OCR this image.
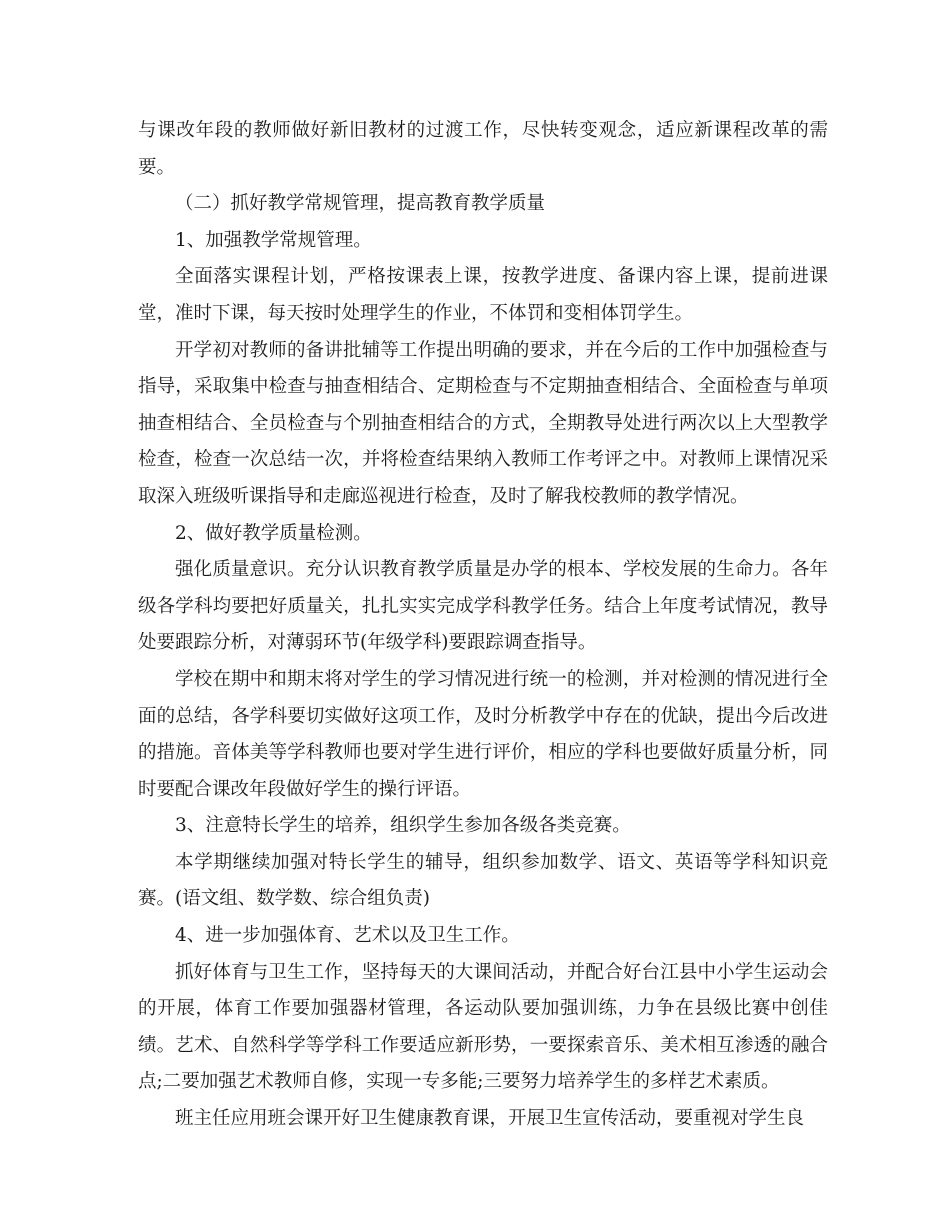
与课改年段的教师做好新旧教材的过渡工作，尽快转变观念，适应新课程改革的需要。

（二）抓好教学常规管理，提高教育教学质量

1、加强教学常规管理。

全面落实课程计划，严格按课表上课，按教学进度、备课内容上课，提前进课堂，准时下课，每天按时处理学生的作业，不体罚和变相体罚学生。

开学初对教师的备讲批辅等工作提出明确的要求，并在今后的工作中加强检查与指导，采取集中检查与抽查相结合、定期检查与不定期抽查相结合、全面检查与单项抽查相结合、全员检查与个别抽查相结合的方式，全期教导处进行两次以上大型教学检查，检查一次总结一次，并将检查结果纳入教师工作考评之中。对教师上课情况采取深入班级听课指导和走廊巡视进行检查，及时了解我校教师的教学情况。

2、做好教学质量检测。

强化质量意识。充分认识教育教学质量是办学的根本、学校发展的生命力。各年级各学科均要把好质量关，扎扎实实完成学科教学任务。结合上年度考试情况，教导处要跟踪分析，对薄弱环节(年级学科)要跟踪调查指导。

学校在期中和期末将对学生的学习情况进行统一的检测，并对检测的情况进行全面的总结，各学科要切实做好这项工作，及时分析教学中存在的优缺，提出今后改进的措施。音体美等学科教师也要对学生进行评价，相应的学科也要做好质量分析，同时要配合课改年段做好学生的操行评语。

3、注意特长学生的培养，组织学生参加各级各类竞赛。

本学期继续加强对特长学生的辅导，组织参加数学、语文、英语等学科知识竞赛。(语文组、数学数、综合组负责)

4、进一步加强体育、艺术以及卫生工作。

抓好体育与卫生工作，坚持每天的大课间活动，并配合好台江县中小学生运动会的开展，体育工作要加强器材管理，各运动队要加强训练，力争在县级比赛中创佳绩。艺术、自然科学等学科工作要适应新形势，一要探索音乐、美术相互渗透的融合点;二要加强艺术教师自修，实现一专多能;三要努力培养学生的多样艺术素质。

班主任应用班会课开好卫生健康教育课，开展卫生宣传活动，要重视对学生良
